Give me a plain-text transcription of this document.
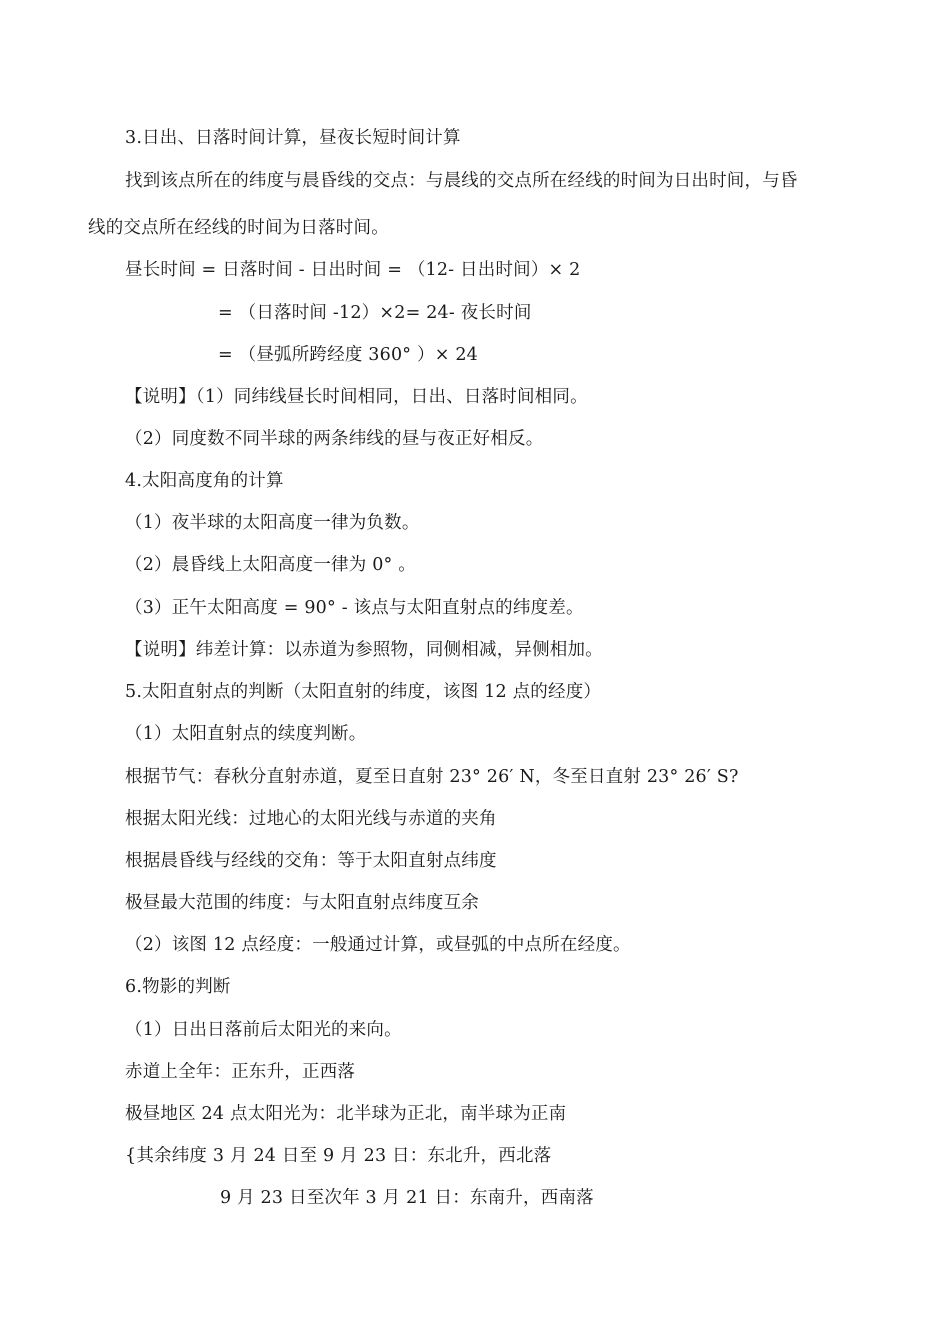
3.日出、日落时间计算，昼夜长短时间计算
找到该点所在的纬度与晨昏线的交点：与晨线的交点所在经线的时间为日出时间，与昏
线的交点所在经线的时间为日落时间。
昼长时间 = 日落时间 - 日出时间 = （12- 日出时间）× 2
= （日落时间 -12）×2= 24- 夜长时间
= （昼弧所跨经度 360° ）× 24
【说明】（1）同纬线昼长时间相同，日出、日落时间相同。
（2）同度数不同半球的两条纬线的昼与夜正好相反。
4.太阳高度角的计算
（1）夜半球的太阳高度一律为负数。
（2）晨昏线上太阳高度一律为 0° 。
（3）正午太阳高度 = 90° - 该点与太阳直射点的纬度差。
【说明】纬差计算：以赤道为参照物，同侧相减，异侧相加。
5.太阳直射点的判断（太阳直射的纬度，该图 12 点的经度）
（1）太阳直射点的续度判断。
根据节气：春秋分直射赤道，夏至日直射 23° 26′ N，冬至日直射 23° 26′ S?
根据太阳光线：过地心的太阳光线与赤道的夹角
根据晨昏线与经线的交角：等于太阳直射点纬度
极昼最大范围的纬度：与太阳直射点纬度互余
（2）该图 12 点经度：一般通过计算，或昼弧的中点所在经度。
6.物影的判断
（1）日出日落前后太阳光的来向。
赤道上全年：正东升，正西落
极昼地区 24 点太阳光为：北半球为正北，南半球为正南
{其余纬度 3 月 24 日至 9 月 23 日：东北升，西北落
9 月 23 日至次年 3 月 21 日：东南升，西南落
